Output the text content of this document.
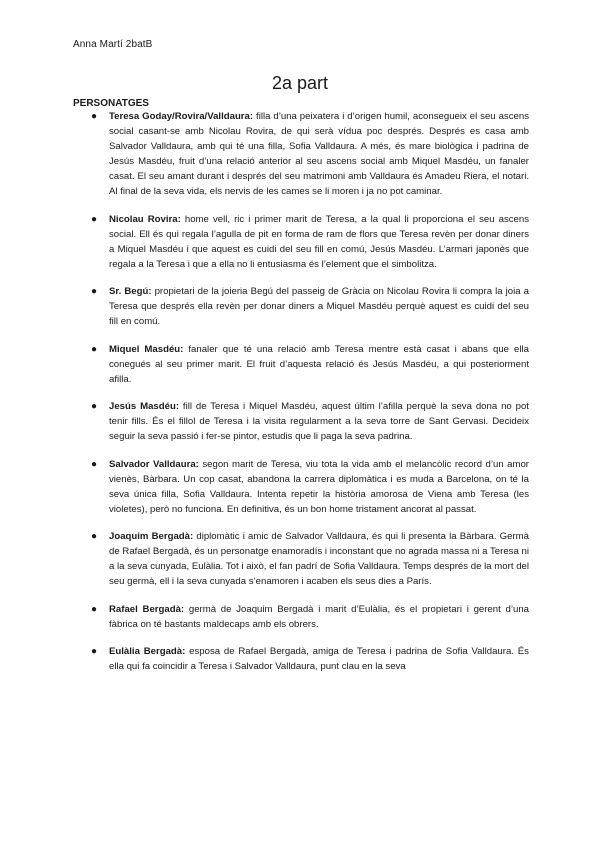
Anna Martí 2batB
2a part
PERSONATGES
● Teresa Goday/Rovira/Valldaura: filla d’una peixatera i d’origen humil, aconsegueix el seu ascens social casant-se amb Nicolau Rovira, de qui serà vídua poc després. Després es casa amb Salvador Valldaura, amb qui té una filla, Sofia Valldaura. A més, és mare biològica i padrina de Jesús Masdéu, fruit d’una relació anterior al seu ascens social amb Miquel Masdéu, un fanaler casat. El seu amant durant i després del seu matrimoni amb Valldaura és Amadeu Riera, el notari. Al final de la seva vida, els nervis de les cames se li moren i ja no pot caminar.
● Nicolau Rovira: home vell, ric i primer marit de Teresa, a la qual li proporciona el seu ascens social. Ell és qui regala l’agulla de pit en forma de ram de flors que Teresa revèn per donar diners a Miquel Masdéu i que aquest es cuidi del seu fill en comú, Jesús Masdéu. L’armari japonès que regala a la Teresa i que a ella no li entusiasma és l’element que el simbolitza.
● Sr. Begú: propietari de la joieria Begú del passeig de Gràcia on Nicolau Rovira li compra la joia a Teresa que després ella revèn per donar diners a Miquel Masdéu perquè aquest es cuidi del seu fill en comú.
● Miquel Masdéu: fanaler que té una relació amb Teresa mentre està casat i abans que ella conegués al seu primer marit. El fruit d’aquesta relació és Jesús Masdéu, a qui posteriorment afilla.
● Jesús Masdéu: fill de Teresa i Miquel Masdéu, aquest últim l’afilla perquè la seva dona no pot tenir fills. És el fillol de Teresa i la visita regularment a la seva torre de Sant Gervasi. Decideix seguir la seva passió i fer-se pintor, estudis que li paga la seva padrina.
● Salvador Valldaura: segon marit de Teresa, viu tota la vida amb el melancòlic record d’un amor vienès, Bàrbara. Un cop casat, abandona la carrera diplomàtica i es muda a Barcelona, on té la seva única filla, Sofia Valldaura. Intenta repetir la història amorosa de Viena amb Teresa (les violetes), però no funciona. En definitiva, és un bon home tristament ancorat al passat.
● Joaquim Bergadà: diplomàtic i amic de Salvador Valldaura, és qui li presenta la Bàrbara. Germà de Rafael Bergadà, és un personatge enamoradís i inconstant que no agrada massa ni a Teresa ni a la seva cunyada, Eulàlia. Tot i això, el fan padrí de Sofia Valldaura. Temps després de la mort del seu germà, ell i la seva cunyada s’enamoren i acaben els seus dies a París.
● Rafael Bergadà: germà de Joaquim Bergadà i marit d’Eulàlia, és el propietari i gerent d’una fàbrica on té bastants maldecaps amb els obrers.
● Eulàlia Bergadà: esposa de Rafael Bergadà, amiga de Teresa i padrina de Sofia Valldaura. És ella qui fa coincidir a Teresa i Salvador Valldaura, punt clau en la seva
